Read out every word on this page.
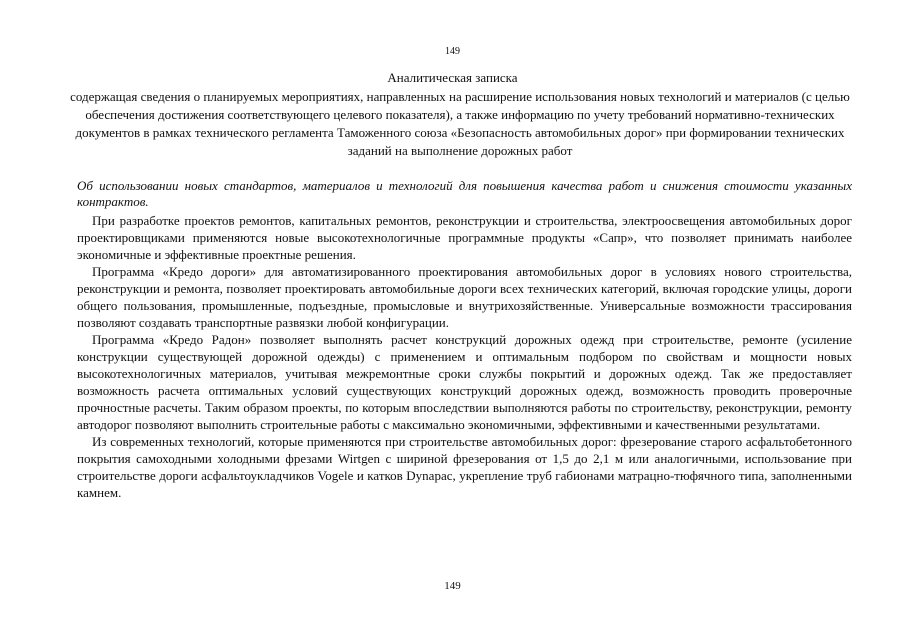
149
Аналитическая записка
содержащая сведения о планируемых мероприятиях, направленных на расширение использования новых технологий и материалов (с целью обеспечения достижения соответствующего целевого показателя), а также информацию по учету требований нормативно-технических документов в рамках технического регламента Таможенного союза «Безопасность автомобильных дорог» при формировании технических заданий на выполнение дорожных работ

Об использовании новых стандартов, материалов и технологий для повышения качества работ и снижения стоимости указанных контрактов.

При разработке проектов ремонтов, капитальных ремонтов, реконструкции и строительства, электроосвещения автомобильных дорог проектировщиками применяются новые высокотехнологичные программные продукты «Сапр», что позволяет принимать наиболее экономичные и эффективные проектные решения.

Программа «Кредо дороги» для автоматизированного проектирования автомобильных дорог в условиях нового строительства, реконструкции и ремонта, позволяет проектировать автомобильные дороги всех технических категорий, включая городские улицы, дороги общего пользования, промышленные, подъездные, промысловые и внутрихозяйственные. Универсальные возможности трассирования позволяют создавать транспортные развязки любой конфигурации.

Программа «Кредо Радон» позволяет выполнять расчет конструкций дорожных одежд при строительстве, ремонте (усиление конструкции существующей дорожной одежды) с применением и оптимальным подбором по свойствам и мощности новых высокотехнологичных материалов, учитывая межремонтные сроки службы покрытий и дорожных одежд. Так же предоставляет возможность расчета оптимальных условий существующих конструкций дорожных одежд, возможность проводить проверочные прочностные расчеты. Таким образом проекты, по которым впоследствии выполняются работы по строительству, реконструкции, ремонту автодорог позволяют выполнить строительные работы с максимально экономичными, эффективными и качественными результатами.

Из современных технологий, которые применяются при строительстве автомобильных дорог: фрезерование старого асфальтобетонного покрытия самоходными холодными фрезами Wirtgen с шириной фрезерования от 1,5 до 2,1 м или аналогичными, использование при строительстве дороги асфальтоукладчиков Vogele и катков Dynapac, укрепление труб габионами матрацно-тюфячного типа, заполненными камнем.

149
